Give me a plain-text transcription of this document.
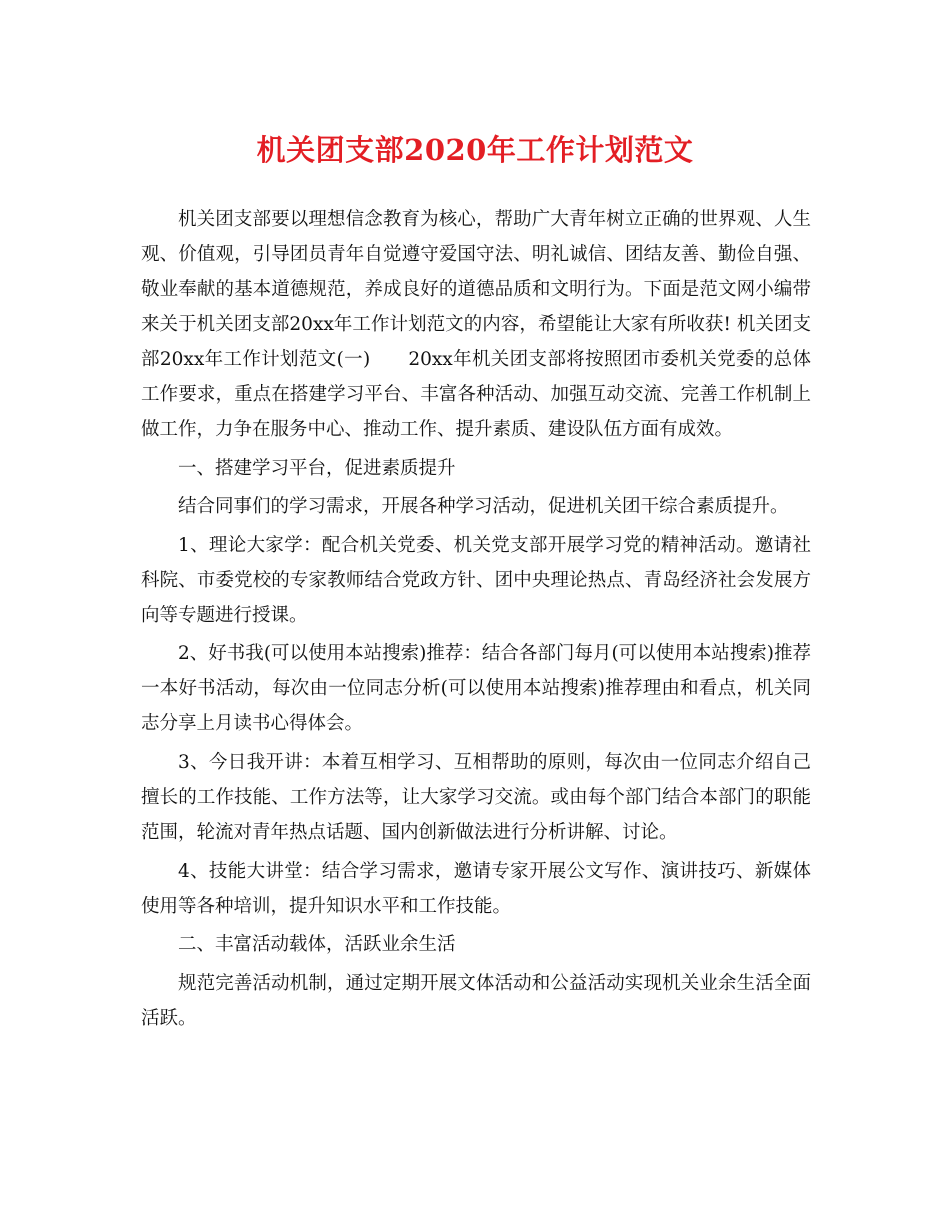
机关团支部2020年工作计划范文

机关团支部要以理想信念教育为核心，帮助广大青年树立正确的世界观、人生观、价值观，引导团员青年自觉遵守爱国守法、明礼诚信、团结友善、勤俭自强、敬业奉献的基本道德规范，养成良好的道德品质和文明行为。下面是范文网小编带来关于机关团支部20xx年工作计划范文的内容，希望能让大家有所收获! 机关团支部20xx年工作计划范文(一)　　20xx年机关团支部将按照团市委机关党委的总体工作要求，重点在搭建学习平台、丰富各种活动、加强互动交流、完善工作机制上做工作，力争在服务中心、推动工作、提升素质、建设队伍方面有成效。

一、搭建学习平台，促进素质提升

结合同事们的学习需求，开展各种学习活动，促进机关团干综合素质提升。

1、理论大家学：配合机关党委、机关党支部开展学习党的精神活动。邀请社科院、市委党校的专家教师结合党政方针、团中央理论热点、青岛经济社会发展方向等专题进行授课。

2、好书我(可以使用本站搜索)推荐：结合各部门每月(可以使用本站搜索)推荐一本好书活动，每次由一位同志分析(可以使用本站搜索)推荐理由和看点，机关同志分享上月读书心得体会。

3、今日我开讲：本着互相学习、互相帮助的原则，每次由一位同志介绍自己擅长的工作技能、工作方法等，让大家学习交流。或由每个部门结合本部门的职能范围，轮流对青年热点话题、国内创新做法进行分析讲解、讨论。

4、技能大讲堂：结合学习需求，邀请专家开展公文写作、演讲技巧、新媒体使用等各种培训，提升知识水平和工作技能。

二、丰富活动载体，活跃业余生活

规范完善活动机制，通过定期开展文体活动和公益活动实现机关业余生活全面活跃。
